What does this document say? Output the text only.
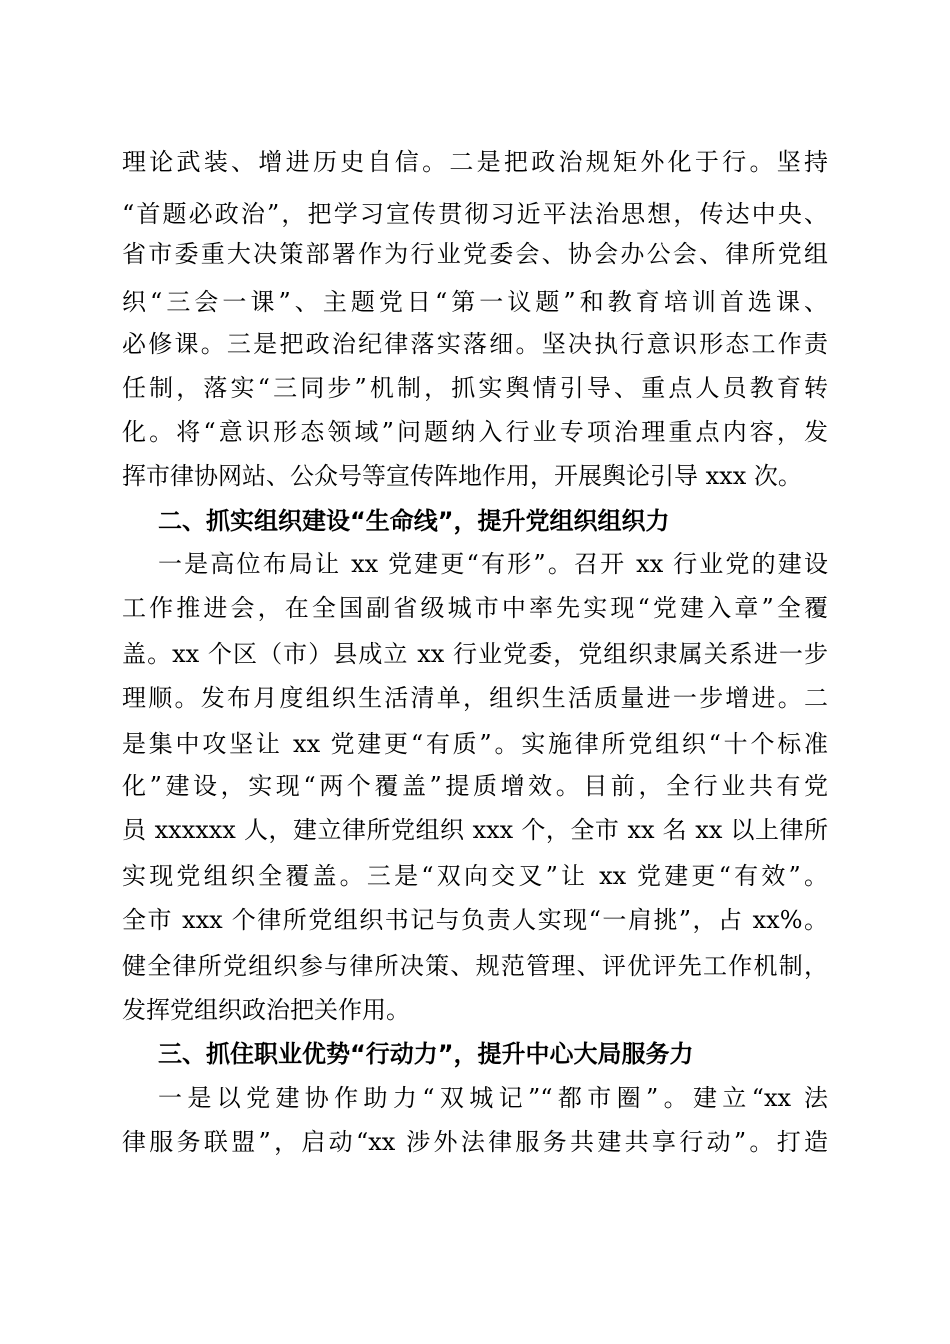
理论武装、增进历史自信。二是把政治规矩外化于行。坚持
“首题必政治”，把学习宣传贯彻习近平法治思想，传达中央、
省市委重大决策部署作为行业党委会、协会办公会、律所党组
织“三会一课”、主题党日“第一议题”和教育培训首选课、
必修课。三是把政治纪律落实落细。坚决执行意识形态工作责
任制，落实“三同步”机制，抓实舆情引导、重点人员教育转
化。将“意识形态领域”问题纳入行业专项治理重点内容，发
挥市律协网站、公众号等宣传阵地作用，开展舆论引导 xxx 次。
二、抓实组织建设“生命线”，提升党组织组织力
一是高位布局让 xx 党建更“有形”。召开 xx 行业党的建设
工作推进会，在全国副省级城市中率先实现“党建入章”全覆
盖。xx 个区（市）县成立 xx 行业党委，党组织隶属关系进一步
理顺。发布月度组织生活清单，组织生活质量进一步增进。二
是集中攻坚让 xx 党建更“有质”。实施律所党组织“十个标准
化”建设，实现“两个覆盖”提质增效。目前，全行业共有党
员 xxxxxx 人，建立律所党组织 xxx 个，全市 xx 名 xx 以上律所
实现党组织全覆盖。三是“双向交叉”让 xx 党建更“有效”。
全市 xxx 个律所党组织书记与负责人实现“一肩挑”，占 xx%。
健全律所党组织参与律所决策、规范管理、评优评先工作机制，
发挥党组织政治把关作用。
三、抓住职业优势“行动力”，提升中心大局服务力
一是以党建协作助力“双城记”“都市圈”。建立“xx 法
律服务联盟”，启动“xx 涉外法律服务共建共享行动”。打造
